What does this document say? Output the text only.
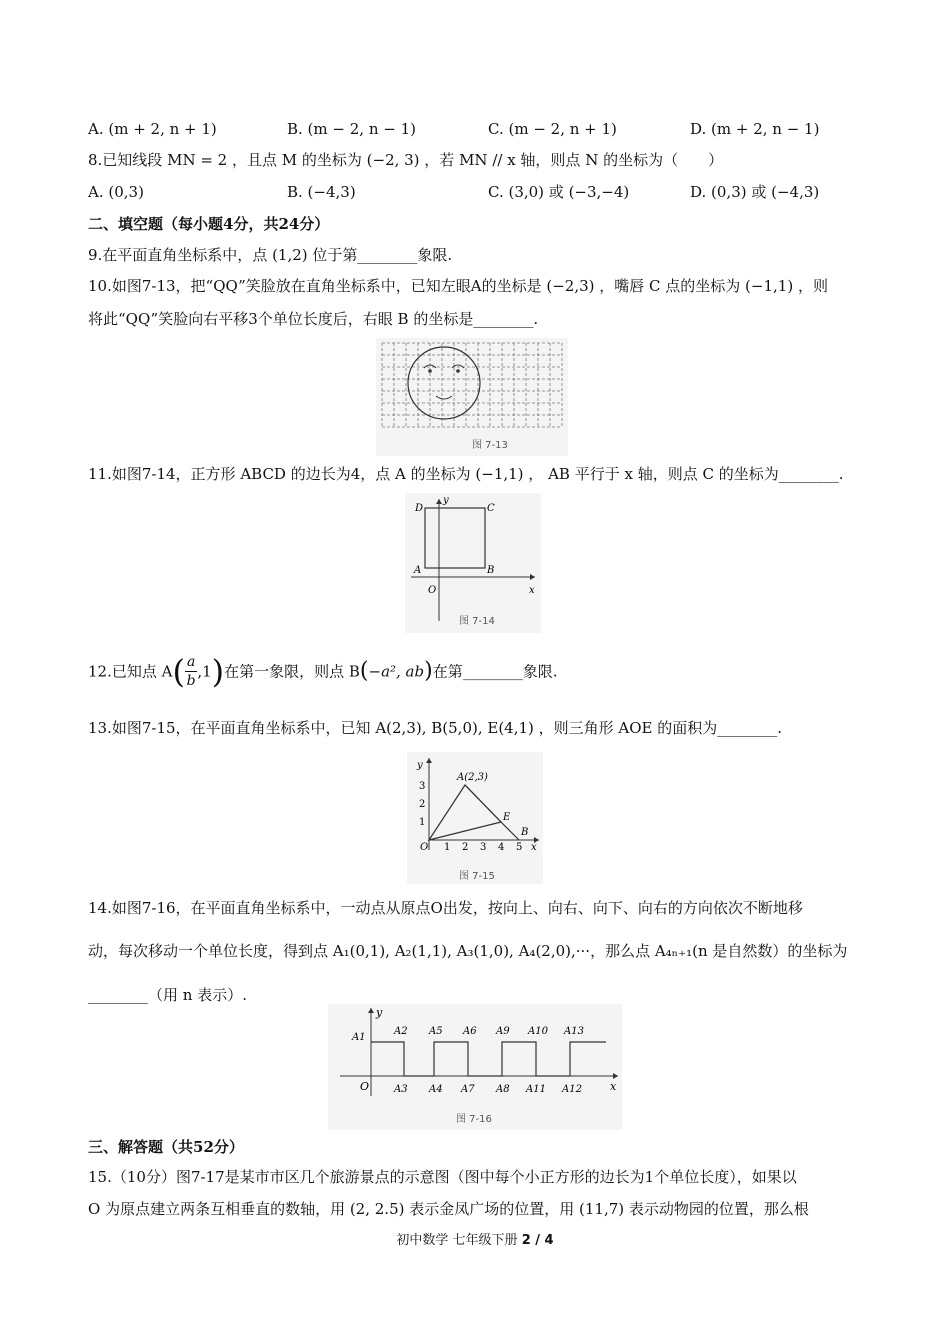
A. (m + 2, n + 1)	B. (m − 2, n − 1)	C. (m − 2, n + 1)	D. (m + 2, n − 1)
8.已知线段 MN = 2 ，且点 M 的坐标为 (−2, 3) ，若 MN // x 轴，则点 N 的坐标为（　　）
A. (0,3)	B. (−4,3)	C. (3,0) 或 (−3,−4)	D. (0,3) 或 (−4,3)
二、填空题（每小题4分，共24分）
9.在平面直角坐标系中，点 (1,2) 位于第________象限.
10.如图7-13，把“QQ”笑脸放在直角坐标系中，已知左眼A的坐标是 (−2,3) ，嘴唇 C 点的坐标为 (−1,1) ，则
将此“QQ”笑脸向右平移3个单位长度后，右眼 B 的坐标是________.
图 7-13
11.如图7-14，正方形 ABCD 的边长为4，点 A 的坐标为 (−1,1) ， AB 平行于 x 轴，则点 C 的坐标为________.
D
y
C
A	B
O	x
图 7-14
12.已知点 $A( \frac{a}{b} ,1)$在第一象限，则点 B(−a², ab)在第________象限.
13.如图7-15，在平面直角坐标系中，已知 A(2,3), B(5,0), E(4,1) ，则三角形 AOE 的面积为________.
y
3
2
1
O 1 2 3 4 5 x
A(2,3)
E
B
图 7-15
14.如图7-16，在平面直角坐标系中，一动点从原点O出发，按向上、向右、向下、向右的方向依次不断地移
动，每次移动一个单位长度，得到点 A₁(0,1), A₂(1,1), A₃(1,0), A₄(2,0),···，那么点 A₄ₙ₊₁(n 是自然数）的坐标为
________（用 n 表示）.
y
O	x
A1
A2 A5 A6 A9 A10 A13
A3 A4 A7 A8 A11 A12
图 7-16
三、解答题（共52分）
15.（10分）图7-17是某市市区几个旅游景点的示意图（图中每个小正方形的边长为1个单位长度），如果以
O 为原点建立两条互相垂直的数轴，用 (2, 2.5) 表示金凤广场的位置，用 (11,7) 表示动物园的位置，那么根
初中数学 七年级下册 2 / 4
